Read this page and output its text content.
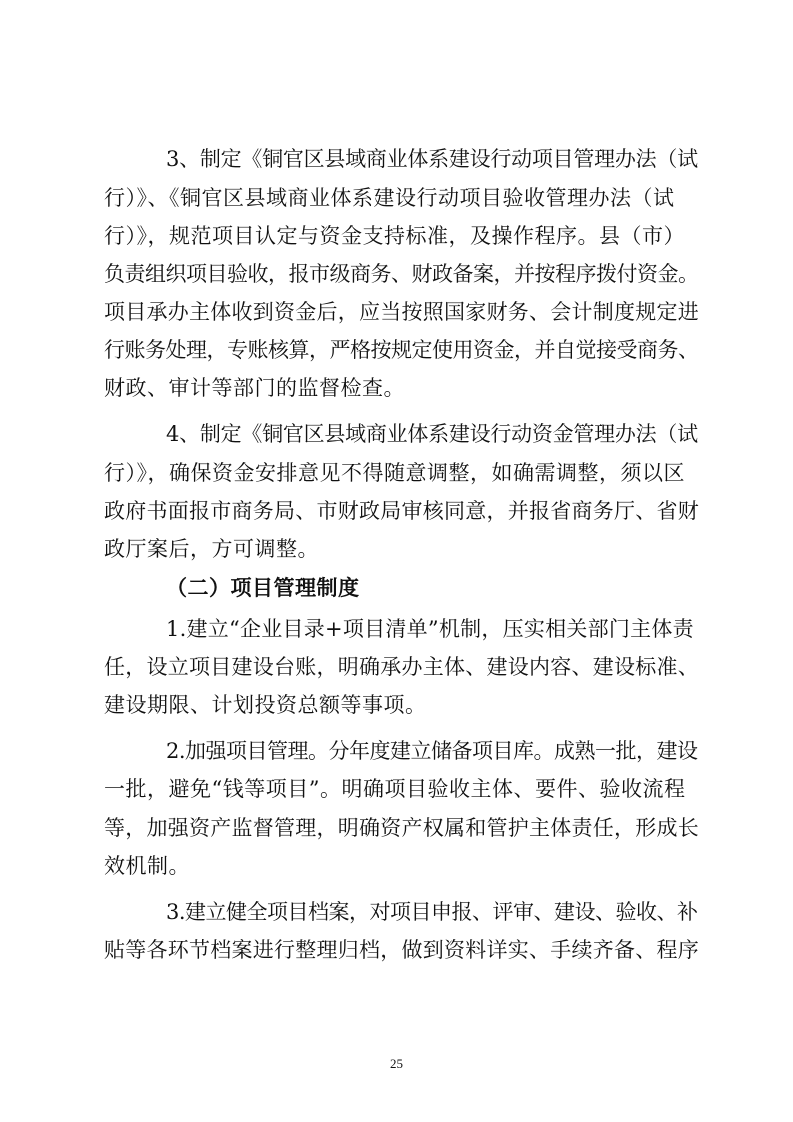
3、制定《铜官区县域商业体系建设行动项目管理办法（试
行）》、《铜官区县域商业体系建设行动项目验收管理办法（试
行）》，规范项目认定与资金支持标准，及操作程序。县（市）
负责组织项目验收，报市级商务、财政备案，并按程序拨付资金。
项目承办主体收到资金后，应当按照国家财务、会计制度规定进
行账务处理，专账核算，严格按规定使用资金，并自觉接受商务、
财政、审计等部门的监督检查。
4、制定《铜官区县域商业体系建设行动资金管理办法（试
行）》，确保资金安排意见不得随意调整，如确需调整，须以区
政府书面报市商务局、市财政局审核同意，并报省商务厅、省财
政厅案后，方可调整。
（二）项目管理制度
1.建立“企业目录+项目清单”机制，压实相关部门主体责
任，设立项目建设台账，明确承办主体、建设内容、建设标准、
建设期限、计划投资总额等事项。
2.加强项目管理。分年度建立储备项目库。成熟一批，建设
一批，避免“钱等项目”。明确项目验收主体、要件、验收流程
等，加强资产监督管理，明确资产权属和管护主体责任，形成长
效机制。
3.建立健全项目档案，对项目申报、评审、建设、验收、补
贴等各环节档案进行整理归档，做到资料详实、手续齐备、程序
25
